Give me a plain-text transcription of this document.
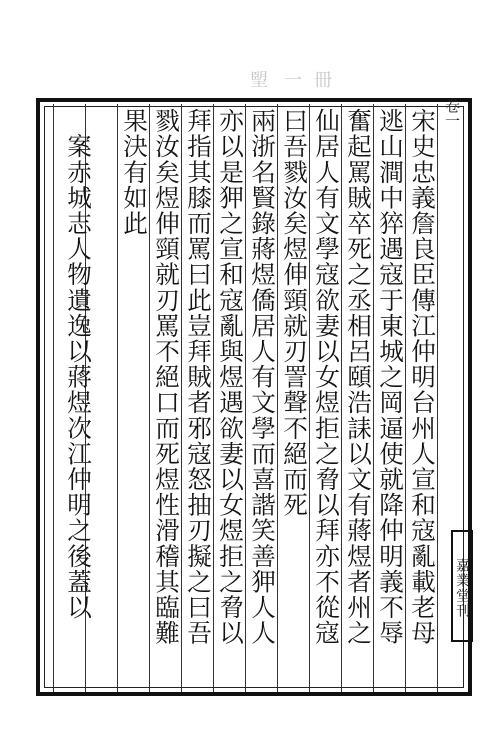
朢 一 冊
卷一
宋史忠義詹良臣傳江仲明台州人宣和寇亂載老母
逃山澗中猝遇寇于東城之岡逼使就降仲明義不辱
奮起罵賊卒死之丞相呂頤浩誄以文有蔣煜者州之
仙居人有文學寇欲妻以女煜拒之脅以拜亦不從寇
曰吾戮汝矣煜伸頸就刃詈聲不絕而死
兩浙名賢錄蔣煜僑居人有文學而喜諧笑善狎人人
亦以是狎之宣和寇亂與煜遇欲妻以女煜拒之脅以
拜指其膝而罵曰此豈拜賊者邪寇怒抽刃擬之曰吾
戮汝矣煜伸頸就刃罵不絕口而死煜性滑稽其臨難
果決有如此
　案赤城志人物遺逸以蔣煜次江仲明之後蓋以	嘉業堂刊
